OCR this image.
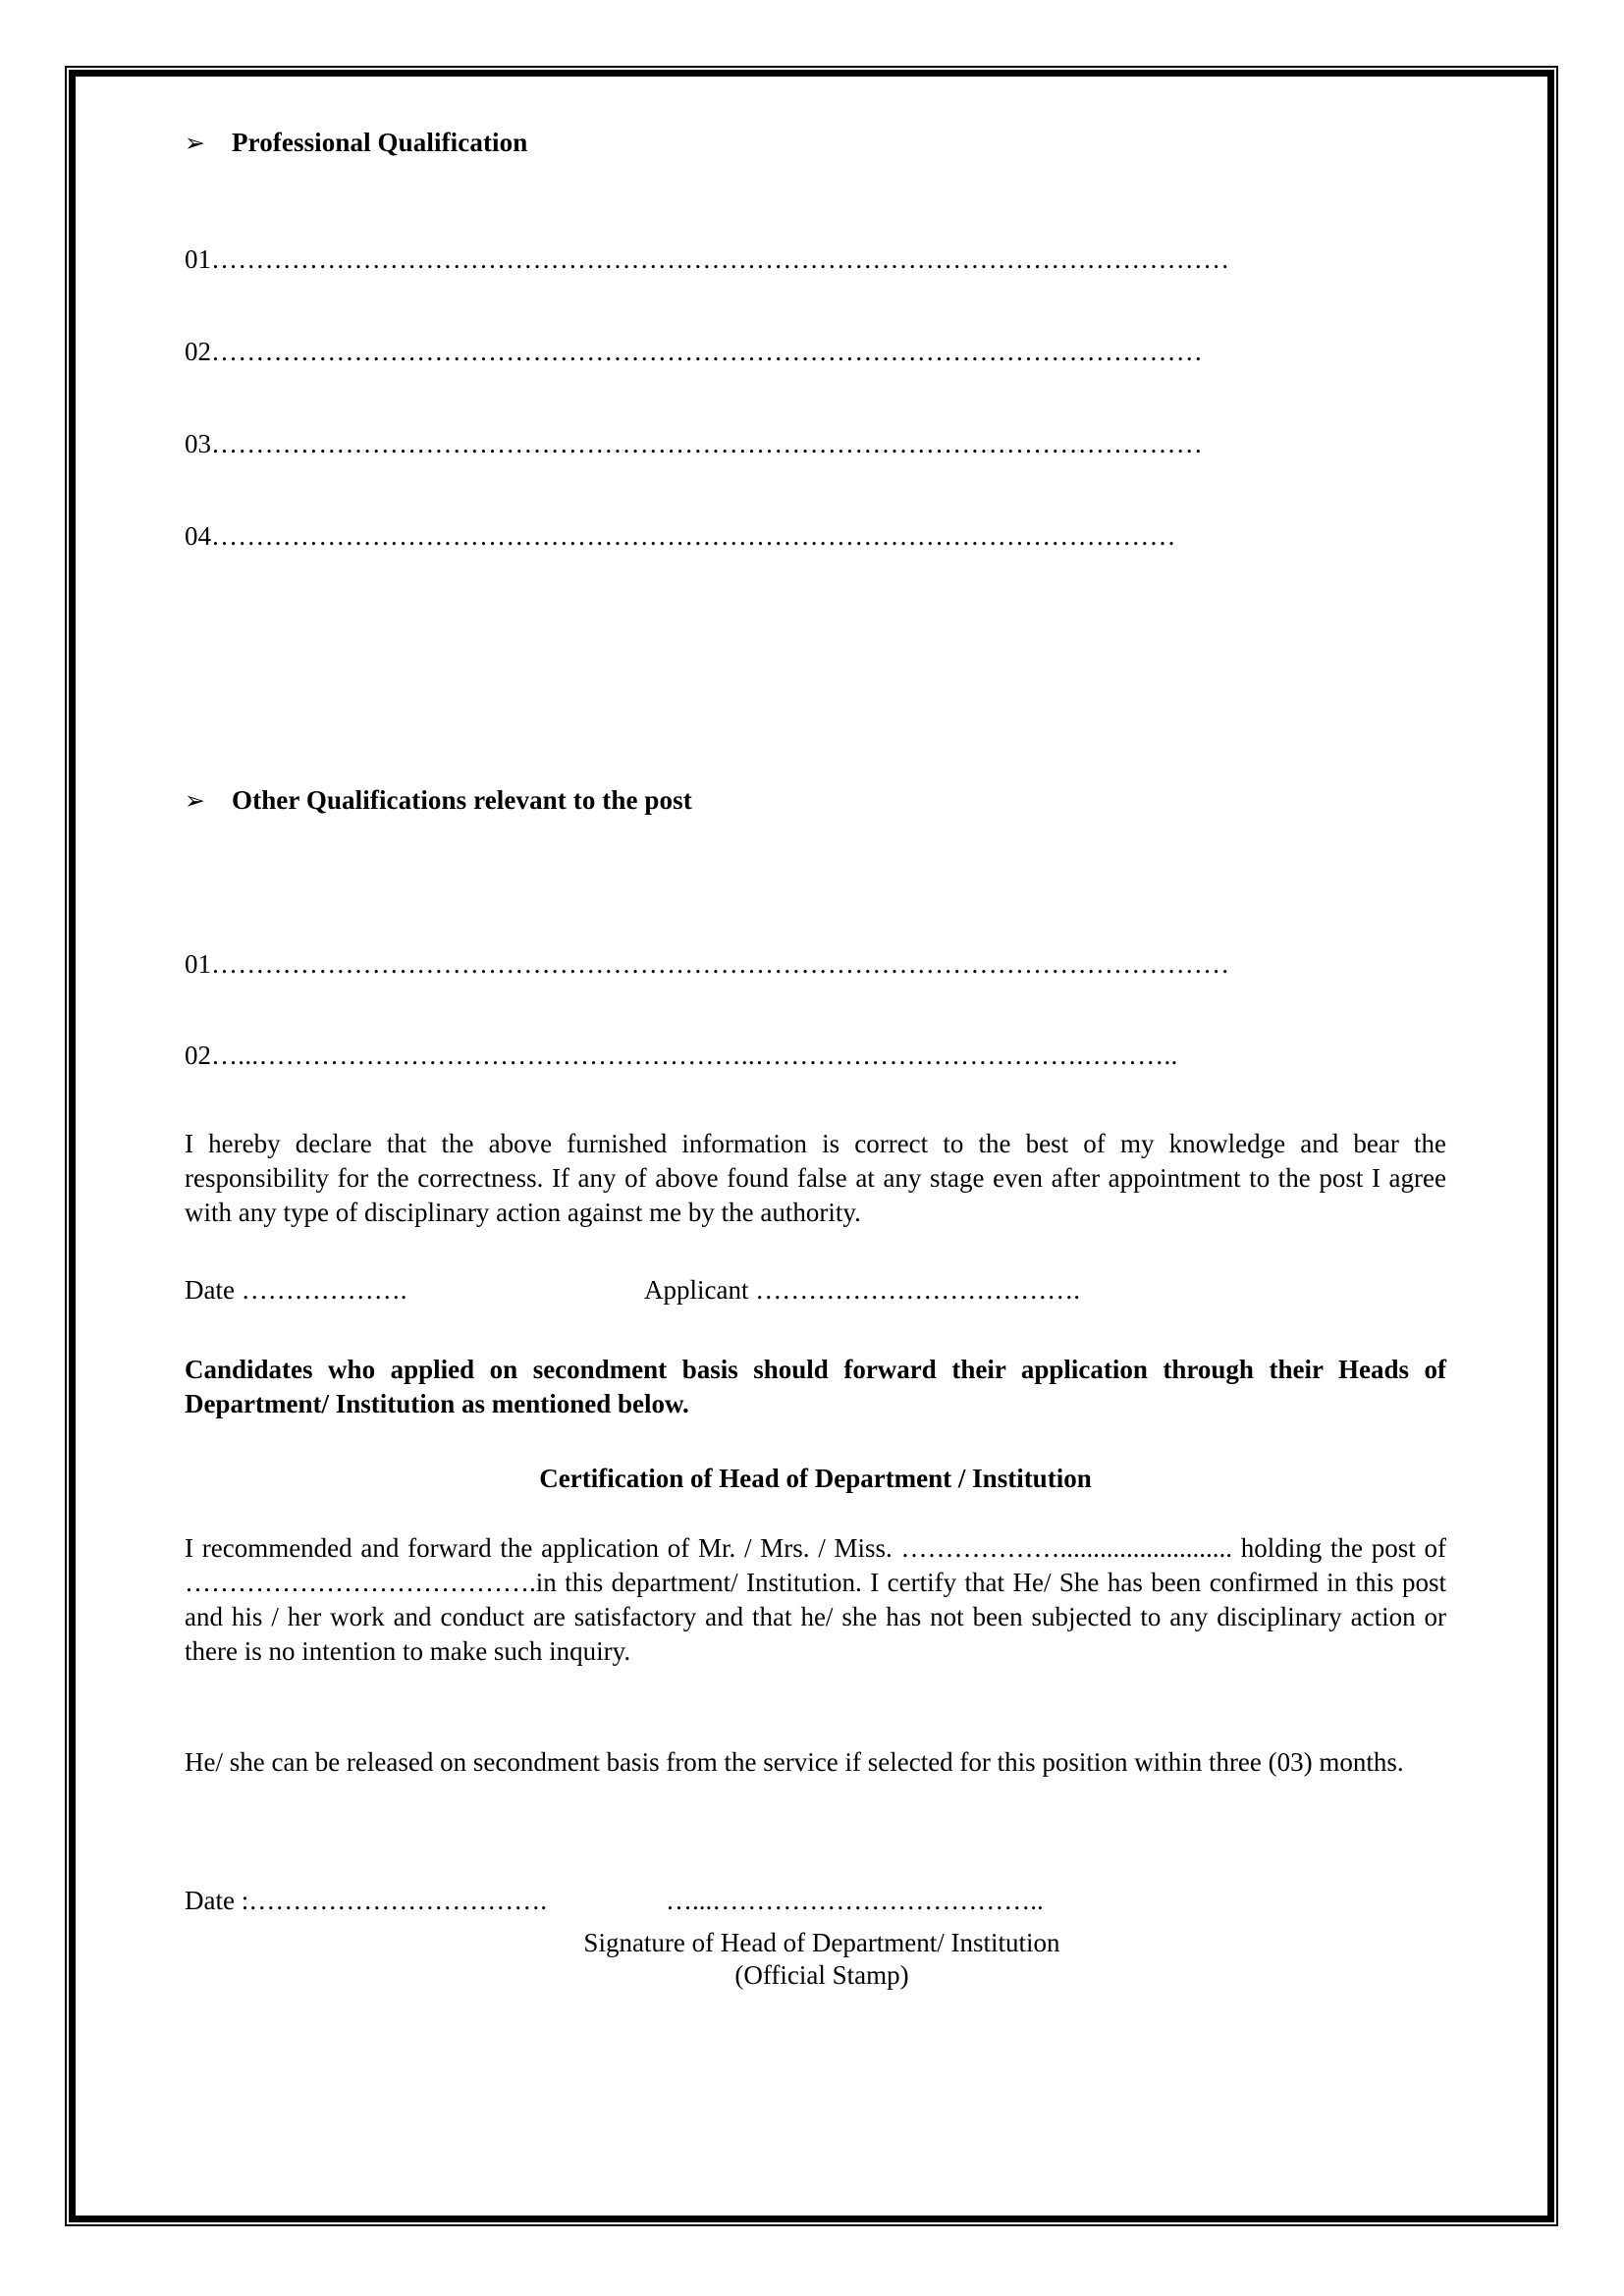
➢ Professional Qualification
01……………………………………………………………………………………………………
02…………………………………………………………………………………………………
03…………………………………………………………………………………………………
04………………………………………………………………………………………………
➢ Other Qualifications relevant to the post
01……………………………………………………………………………………………………
02…...………………………………………………..……………………………….………..

I hereby declare that the above furnished information is correct to the best of my knowledge and bear the responsibility for the correctness. If any of above found false at any stage even after appointment to the post I agree with any type of disciplinary action against me by the authority.

Date ……………….	Applicant ……………………………….

Candidates who applied on secondment basis should forward their application through their Heads of Department/ Institution as mentioned below.

Certification of Head of Department / Institution

I recommended and forward the application of Mr. / Mrs. / Miss. ……………….......................... holding the post of ………………………………….in this department/ Institution. I certify that He/ She has been confirmed in this post and his / her work and conduct are satisfactory and that he/ she has not been subjected to any disciplinary action or there is no intention to make such inquiry.

He/ she can be released on secondment basis from the service if selected for this position within three (03) months.

Date :…………………………….	…...………………………………..
Signature of Head of Department/ Institution
(Official Stamp)
